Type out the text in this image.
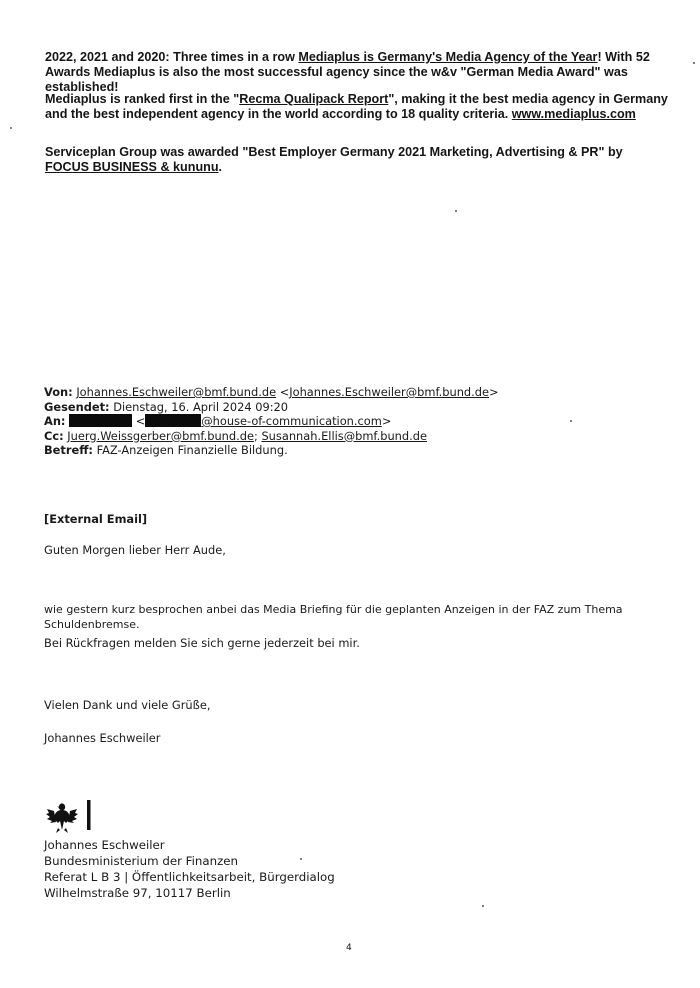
2022, 2021 and 2020: Three times in a row Mediaplus is Germany's Media Agency of the Year! With 52 Awards Mediaplus is also the most successful agency since the w&v "German Media Award" was established!

Mediaplus is ranked first in the "Recma Qualipack Report", making it the best media agency in Germany and the best independent agency in the world according to 18 quality criteria. www.mediaplus.com

Serviceplan Group was awarded "Best Employer Germany 2021 Marketing, Advertising & PR" by FOCUS BUSINESS & kununu.

Von: Johannes.Eschweiler@bmf.bund.de <Johannes.Eschweiler@bmf.bund.de>
Gesendet: Dienstag, 16. April 2024 09:20
An:	<	@house-of-communication.com>
Cc: Juerg.Weissgerber@bmf.bund.de; Susannah.Ellis@bmf.bund.de
Betreff: FAZ-Anzeigen Finanzielle Bildung.
[External Email]
Guten Morgen lieber Herr Aude,
wie gestern kurz besprochen anbei das Media Briefing für die geplanten Anzeigen in der FAZ zum Thema Schuldenbremse.
Bei Rückfragen melden Sie sich gerne jederzeit bei mir.
Vielen Dank und viele Grüße,
Johannes Eschweiler
Johannes Eschweiler
Bundesministerium der Finanzen
Referat L B 3 | Öffentlichkeitsarbeit, Bürgerdialog
Wilhelmstraße 97, 10117 Berlin
4
